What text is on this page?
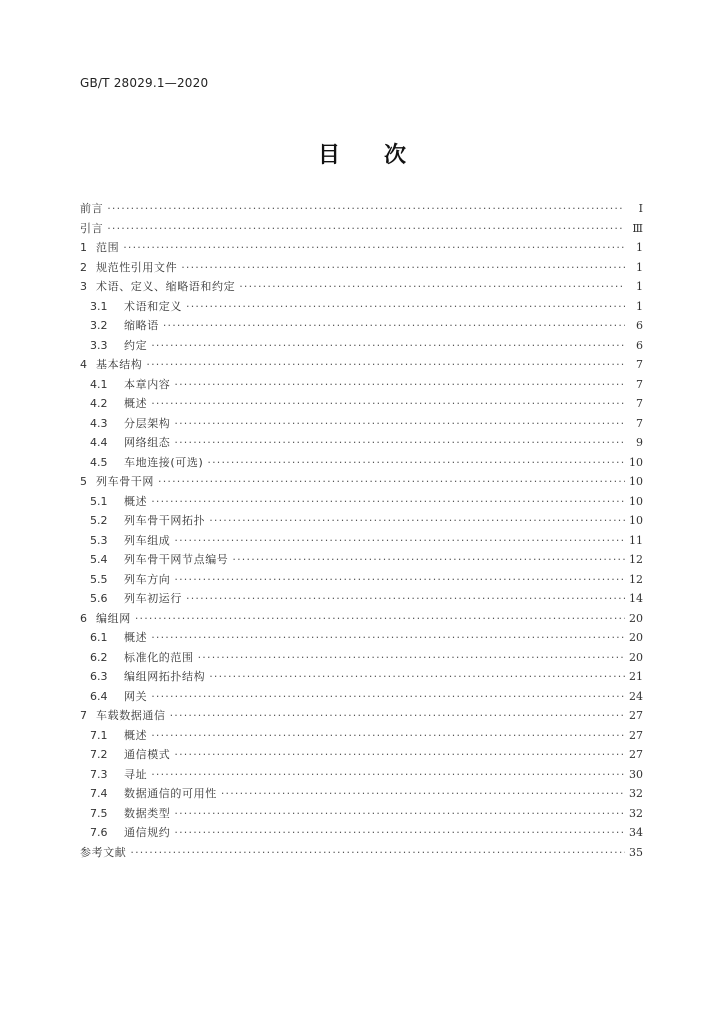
GB/T 28029.1—2020
目 次
前言 ·····	Ⅰ
引言 ·····	Ⅲ
1 范围 ·····	1
2 规范性引用文件 ·····	1
3 术语、定义、缩略语和约定 ·····	1
3.1	术语和定义 ·····	1
3.2	缩略语 ·····	6
3.3	约定 ·····	6
4 基本结构 ·····	7
4.1	本章内容 ·····	7
4.2	概述 ·····	7
4.3	分层架构 ·····	7
4.4	网络组态 ·····	9
4.5	车地连接(可选) ·····	10
5 列车骨干网 ·····	10
5.1	概述 ·····	10
5.2	列车骨干网拓扑 ·····	10
5.3	列车组成 ·····	11
5.4	列车骨干网节点编号 ·····	12
5.5	列车方向 ·····	12
5.6	列车初运行 ·····	14
6 编组网 ·····	20
6.1	概述 ·····	20
6.2	标准化的范围 ·····	20
6.3	编组网拓扑结构 ·····	21
6.4	网关 ·····	24
7 车载数据通信 ·····	27
7.1	概述 ·····	27
7.2	通信模式 ·····	27
7.3	寻址 ·····	30
7.4	数据通信的可用性 ·····	32
7.5	数据类型 ·····	32
7.6	通信规约 ·····	34
参考文献 ·····	35
